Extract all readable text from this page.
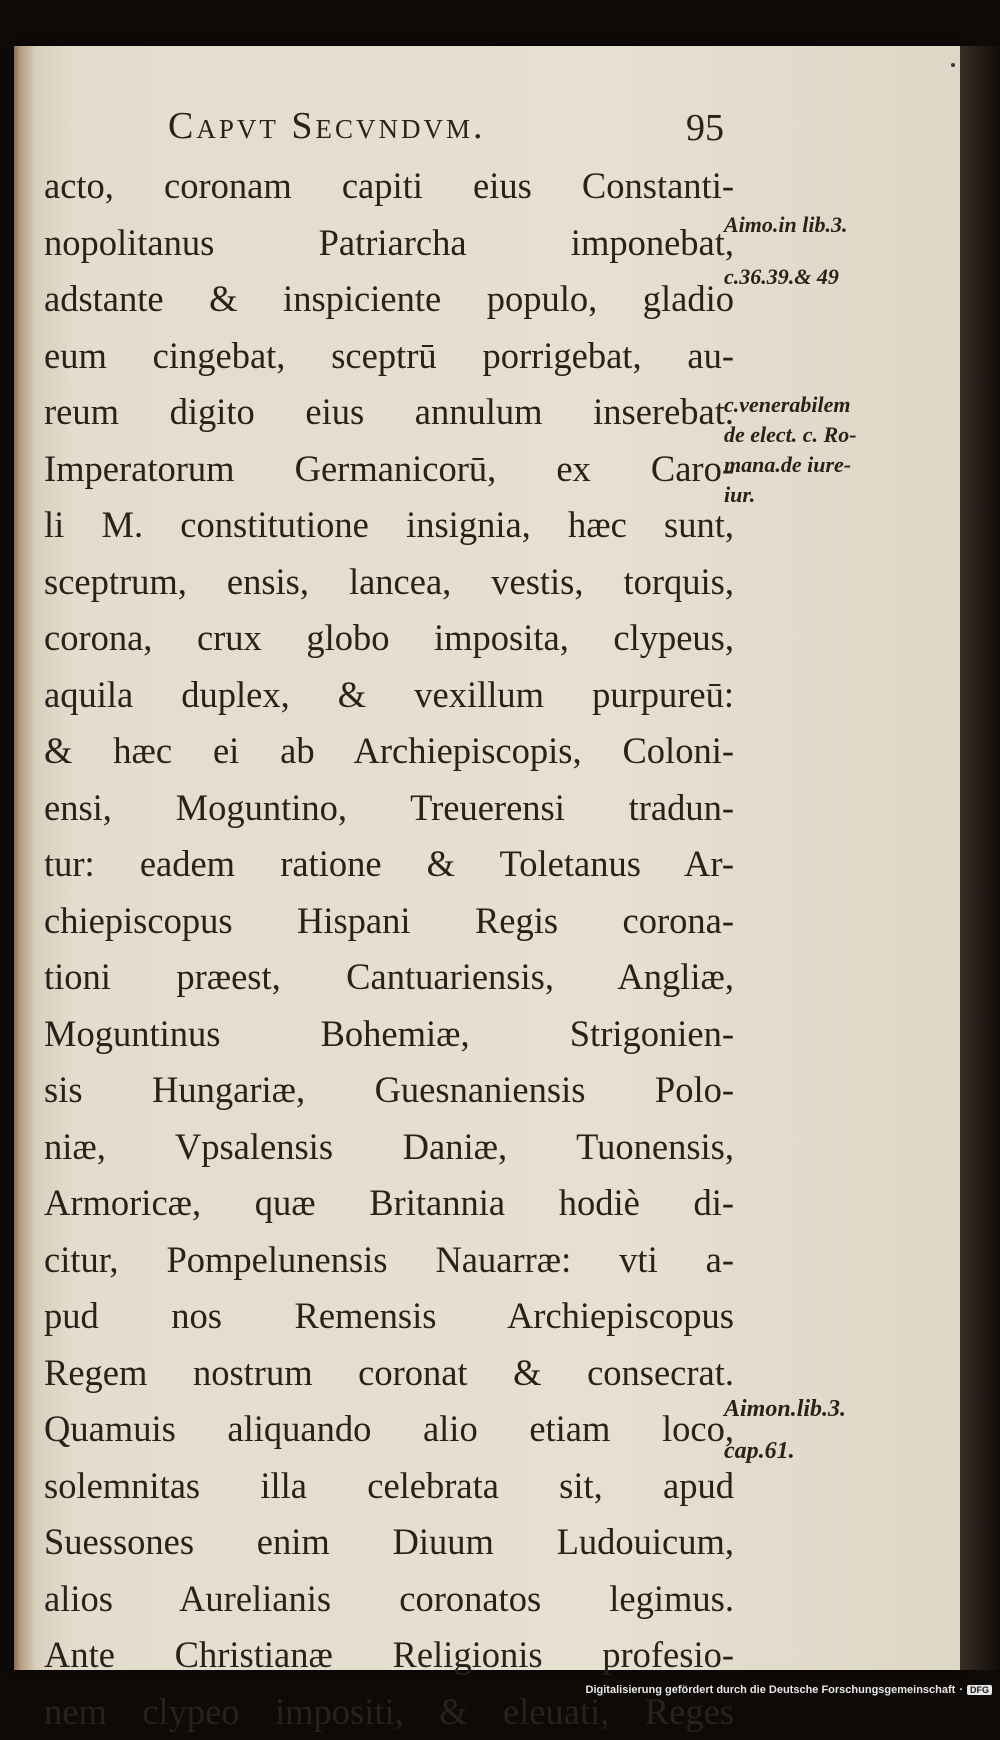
Capvt Secvndvm.	95
acto, coronam capiti eius Constanti-
nopolitanus Patriarcha imponebat,
adstante & inspiciente populo, gladio
eum cingebat, sceptrū porrigebat, au-
reum digito eius annulum inserebat.
Imperatorum Germanicorū, ex Caro-
li M. constitutione insignia, hæc sunt,
sceptrum, ensis, lancea, vestis, torquis,
corona, crux globo imposita, clypeus,
aquila duplex, & vexillum purpureū:
& hæc ei ab Archiepiscopis, Coloni-
ensi, Moguntino, Treuerensi tradun-
tur: eadem ratione & Toletanus Ar-
chiepiscopus Hispani Regis corona-
tioni præest, Cantuariensis, Angliæ,
Moguntinus Bohemiæ, Strigonien-
sis Hungariæ, Guesnaniensis Polo-
niæ, Vpsalensis Daniæ, Tuonensis,
Armoricæ, quæ Britannia hodiè di-
citur, Pompelunensis Nauarræ: vti a-
pud nos Remensis Archiepiscopus
Regem nostrum coronat & consecrat.
Quamuis aliquando alio etiam loco,
solemnitas illa celebrata sit, apud
Suessones enim Diuum Ludouicum,
alios Aurelianis coronatos legimus.
Ante Christianæ Religionis profesio-
nem clypeo impositi, & eleuati, Reges
Aimo.in lib.3.
c.36.39.& 49
c.venerabilem
de elect. c. Ro-
mana.de iure-
iur.
Aimon.lib.3.
cap.61.
Digitalisierung gefördert durch die Deutsche Forschungsgemeinschaft · DFG
